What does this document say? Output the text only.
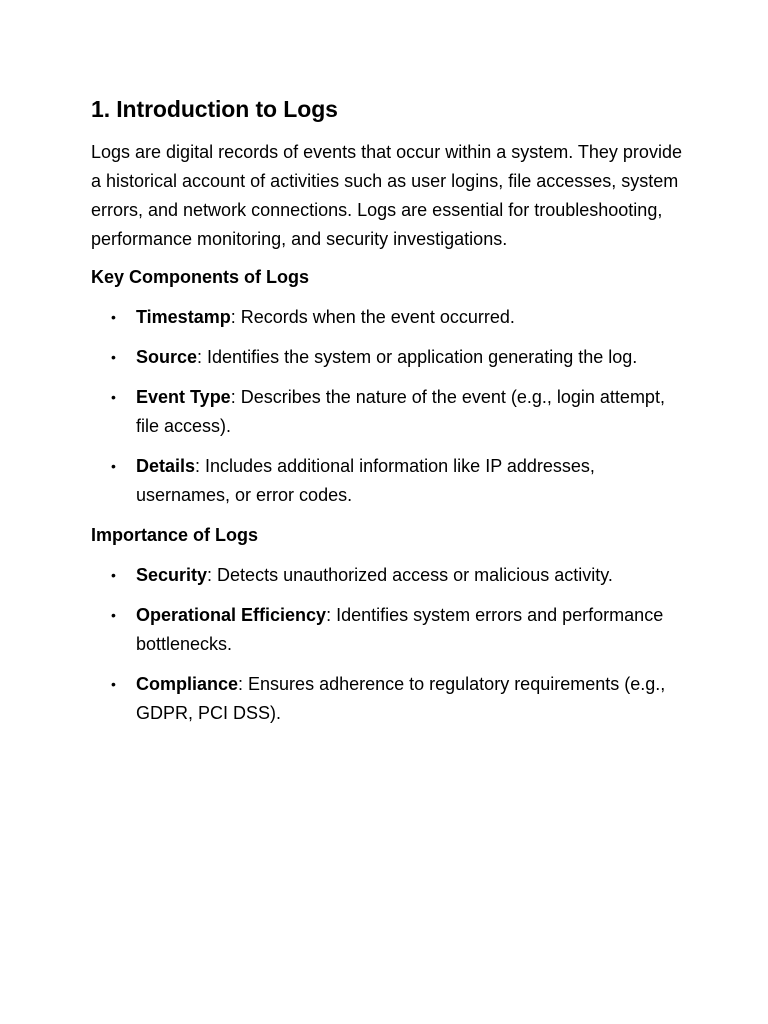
1. Introduction to Logs

Logs are digital records of events that occur within a system. They provide a historical account of activities such as user logins, file accesses, system errors, and network connections. Logs are essential for troubleshooting, performance monitoring, and security investigations.

Key Components of Logs
• Timestamp: Records when the event occurred.
• Source: Identifies the system or application generating the log.
• Event Type: Describes the nature of the event (e.g., login attempt, file access).
• Details: Includes additional information like IP addresses, usernames, or error codes.
Importance of Logs
• Security: Detects unauthorized access or malicious activity.
• Operational Efficiency: Identifies system errors and performance bottlenecks.
• Compliance: Ensures adherence to regulatory requirements (e.g., GDPR, PCI DSS).
